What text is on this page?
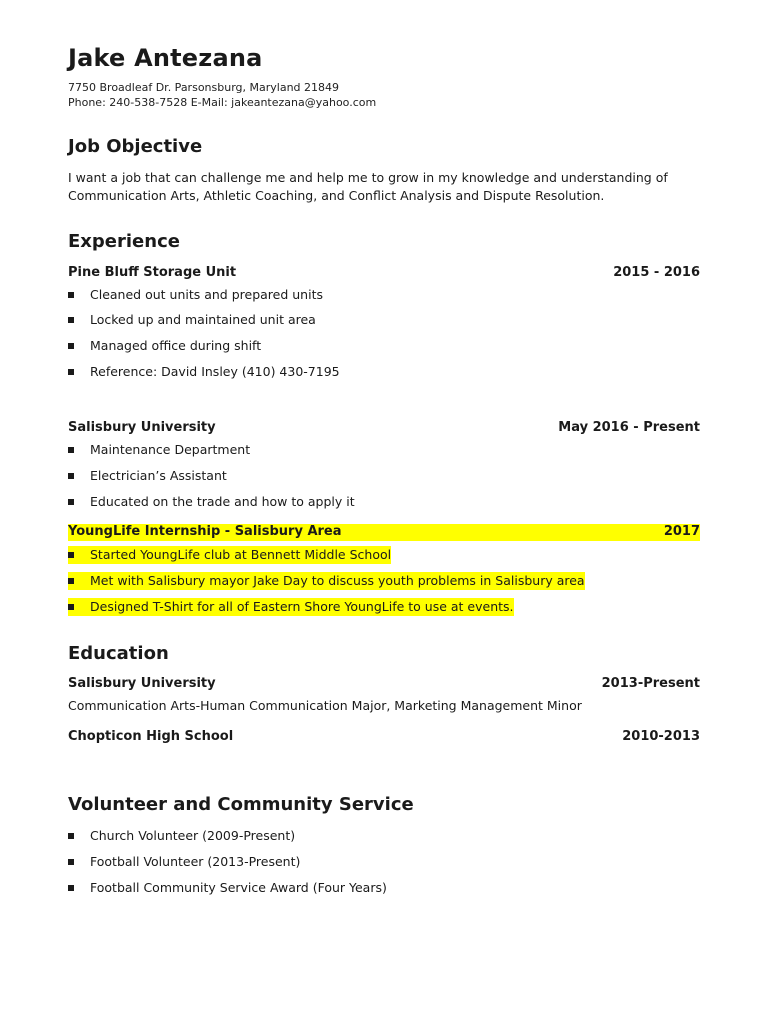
Jake Antezana
7750 Broadleaf Dr. Parsonsburg, Maryland 21849
Phone: 240-538-7528 E-Mail: jakeantezana@yahoo.com
Job Objective
I want a job that can challenge me and help me to grow in my knowledge and understanding of Communication Arts, Athletic Coaching, and Conflict Analysis and Dispute Resolution.
Experience
Pine Bluff Storage Unit	2015 - 2016
Cleaned out units and prepared units
Locked up and maintained unit area
Managed office during shift
Reference: David Insley (410) 430-7195
Salisbury University	May 2016 - Present
Maintenance Department
Electrician’s Assistant
Educated on the trade and how to apply it
YoungLife Internship - Salisbury Area	2017
Started YoungLife club at Bennett Middle School
Met with Salisbury mayor Jake Day to discuss youth problems in Salisbury area
Designed T-Shirt for all of Eastern Shore YoungLife to use at events.
Education
Salisbury University	2013-Present
Communication Arts-Human Communication Major, Marketing Management Minor
Chopticon High School	2010-2013
Volunteer and Community Service
Church Volunteer (2009-Present)
Football Volunteer (2013-Present)
Football Community Service Award (Four Years)
